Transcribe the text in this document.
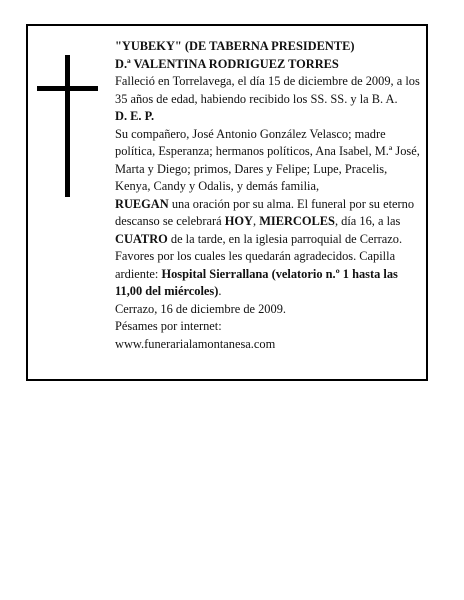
"YUBEKY" (DE TABERNA PRESIDENTE)

D.ª VALENTINA RODRIGUEZ TORRES

Falleció en Torrelavega, el día 15 de diciembre de 2009, a los 35 años de edad, habiendo recibido los SS. SS. y la B. A.

D. E. P.

Su compañero, José Antonio González Velasco; madre política, Esperanza; hermanos políticos, Ana Isabel, M.ª José, Marta y Diego; primos, Dares y Felipe; Lupe, Pracelis, Kenya, Candy y Odalis, y demás familia,
RUEGAN una oración por su alma. El funeral por su eterno descanso se celebrará HOY, MIERCOLES, día 16, a las CUATRO de la tarde, en la iglesia parroquial de Cerrazo. Favores por los cuales les quedarán agradecidos. Capilla ardiente: Hospital Sierrallana (velatorio n.º 1 hasta las 11,00 del miércoles).

Cerrazo, 16 de diciembre de 2009.

Pésames por internet:

www.funerarialamontanesa.com
